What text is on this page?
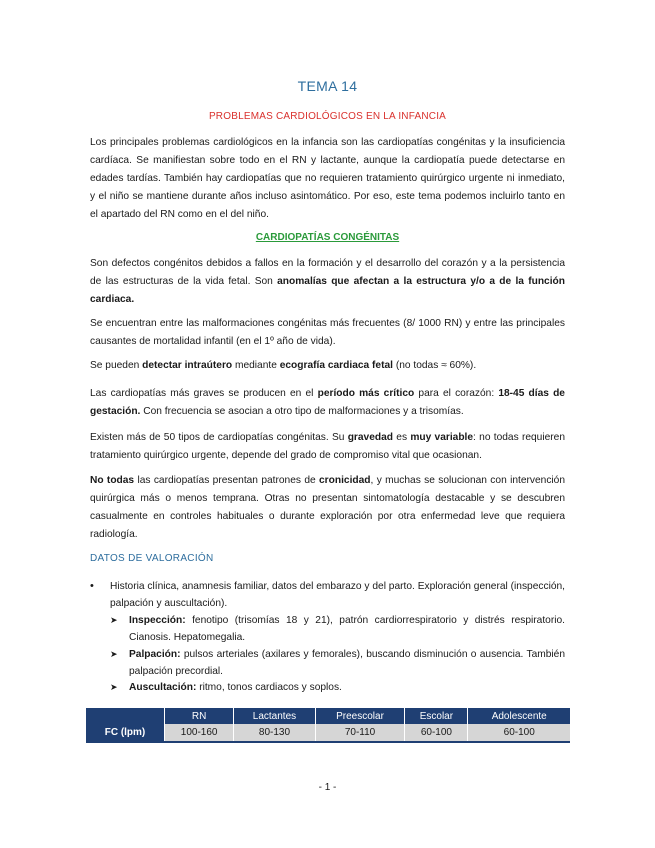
TEMA 14
PROBLEMAS CARDIOLÓGICOS EN LA INFANCIA

Los principales problemas cardiológicos en la infancia son las cardiopatías congénitas y la insuficiencia cardíaca. Se manifiestan sobre todo en el RN y lactante, aunque la cardiopatía puede detectarse en edades tardías. También hay cardiopatías que no requieren tratamiento quirúrgico urgente ni inmediato, y el niño se mantiene durante años incluso asintomático. Por eso, este tema podemos incluirlo tanto en el apartado del RN como en el del niño.

CARDIOPATÍAS CONGÉNITAS

Son defectos congénitos debidos a fallos en la formación y el desarrollo del corazón y a la persistencia de las estructuras de la vida fetal. Son anomalías que afectan a la estructura y/o a de la función cardiaca.

Se encuentran entre las malformaciones congénitas más frecuentes (8/ 1000 RN) y entre las principales causantes de mortalidad infantil (en el 1º año de vida).

Se pueden detectar intraútero mediante ecografía cardiaca fetal (no todas ≈ 60%).

Las cardiopatías más graves se producen en el período más crítico para el corazón: 18-45 días de gestación. Con frecuencia se asocian a otro tipo de malformaciones y a trisomías.

Existen más de 50 tipos de cardiopatías congénitas. Su gravedad es muy variable: no todas requieren tratamiento quirúrgico urgente, depende del grado de compromiso vital que ocasionan.

No todas las cardiopatías presentan patrones de cronicidad, y muchas se solucionan con intervención quirúrgica más o menos temprana. Otras no presentan sintomatología destacable y se descubren casualmente en controles habituales o durante exploración por otra enfermedad leve que requiera radiología.

DATOS DE VALORACIÓN
• Historia clínica, anamnesis familiar, datos del embarazo y del parto. Exploración general (inspección, palpación y auscultación).
➤ Inspección: fenotipo (trisomías 18 y 21), patrón cardiorrespiratorio y distrés respiratorio. Cianosis. Hepatomegalia.
➤ Palpación: pulsos arteriales (axilares y femorales), buscando disminución o ausencia. También palpación precordial.
➤ Auscultación: ritmo, tonos cardiacos y soplos.
	RN	Lactantes	Preescolar	Escolar	Adolescente
FC (lpm)	100-160	80-130	70-110	60-100	60-100
- 1 -
